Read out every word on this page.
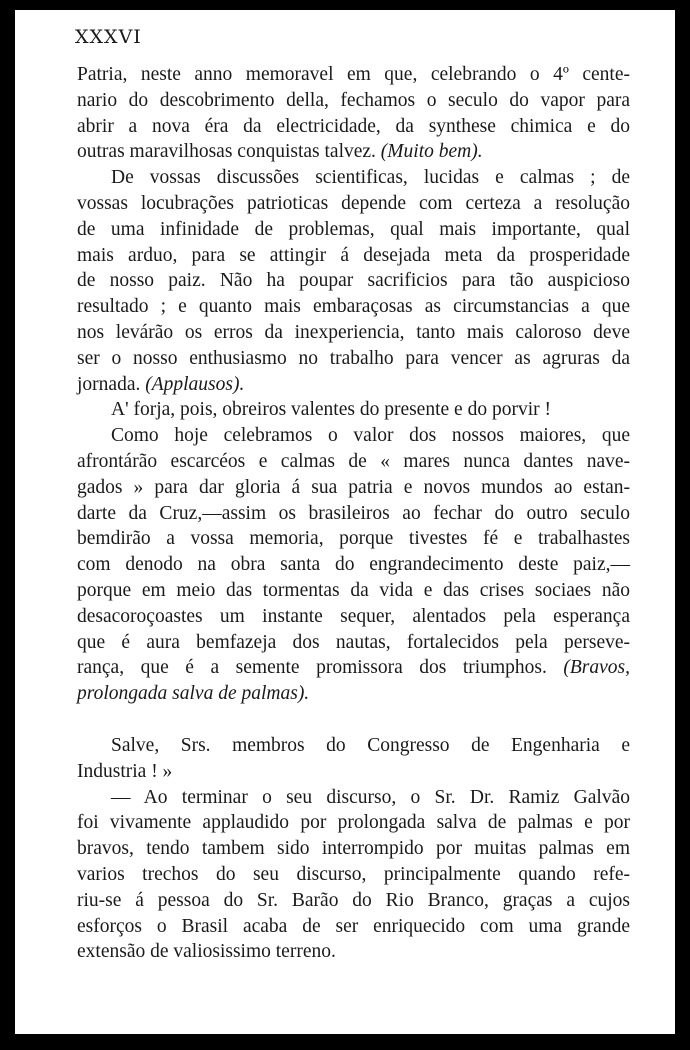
XXXVI

Patria, neste anno memoravel em que, celebrando o 4º cente-
nario do descobrimento della, fechamos o seculo do vapor para
abrir a nova éra da electricidade, da synthese chimica e do
outras maravilhosas conquistas talvez. (Muito bem).
De vossas discussões scientificas, lucidas e calmas ; de
vossas locubrações patrioticas depende com certeza a resolução
de uma infinidade de problemas, qual mais importante, qual
mais arduo, para se attingir á desejada meta da prosperidade
de nosso paiz. Não ha poupar sacrificios para tão auspicioso
resultado ; e quanto mais embaraçosas as circumstancias a que
nos levárão os erros da inexperiencia, tanto mais caloroso deve
ser o nosso enthusiasmo no trabalho para vencer as agruras da
jornada. (Applausos).
A' forja, pois, obreiros valentes do presente e do porvir !
Como hoje celebramos o valor dos nossos maiores, que
afrontárão escarcéos e calmas de « mares nunca dantes nave-
gados » para dar gloria á sua patria e novos mundos ao estan-
darte da Cruz,—assim os brasileiros ao fechar do outro seculo
bemdirão a vossa memoria, porque tivestes fé e trabalhastes
com denodo na obra santa do engrandecimento deste paiz,—
porque em meio das tormentas da vida e das crises sociaes não
desacoroçoastes um instante sequer, alentados pela esperança
que é aura bemfazeja dos nautas, fortalecidos pela perseve-
rança, que é a semente promissora dos triumphos. (Bravos,
prolongada salva de palmas).
Salve, Srs. membros do Congresso de Engenharia e
Industria ! »
— Ao terminar o seu discurso, o Sr. Dr. Ramiz Galvão
foi vivamente applaudido por prolongada salva de palmas e por
bravos, tendo tambem sido interrompido por muitas palmas em
varios trechos do seu discurso, principalmente quando refe-
riu-se á pessoa do Sr. Barão do Rio Branco, graças a cujos
esforços o Brasil acaba de ser enriquecido com uma grande
extensão de valiosissimo terreno.
